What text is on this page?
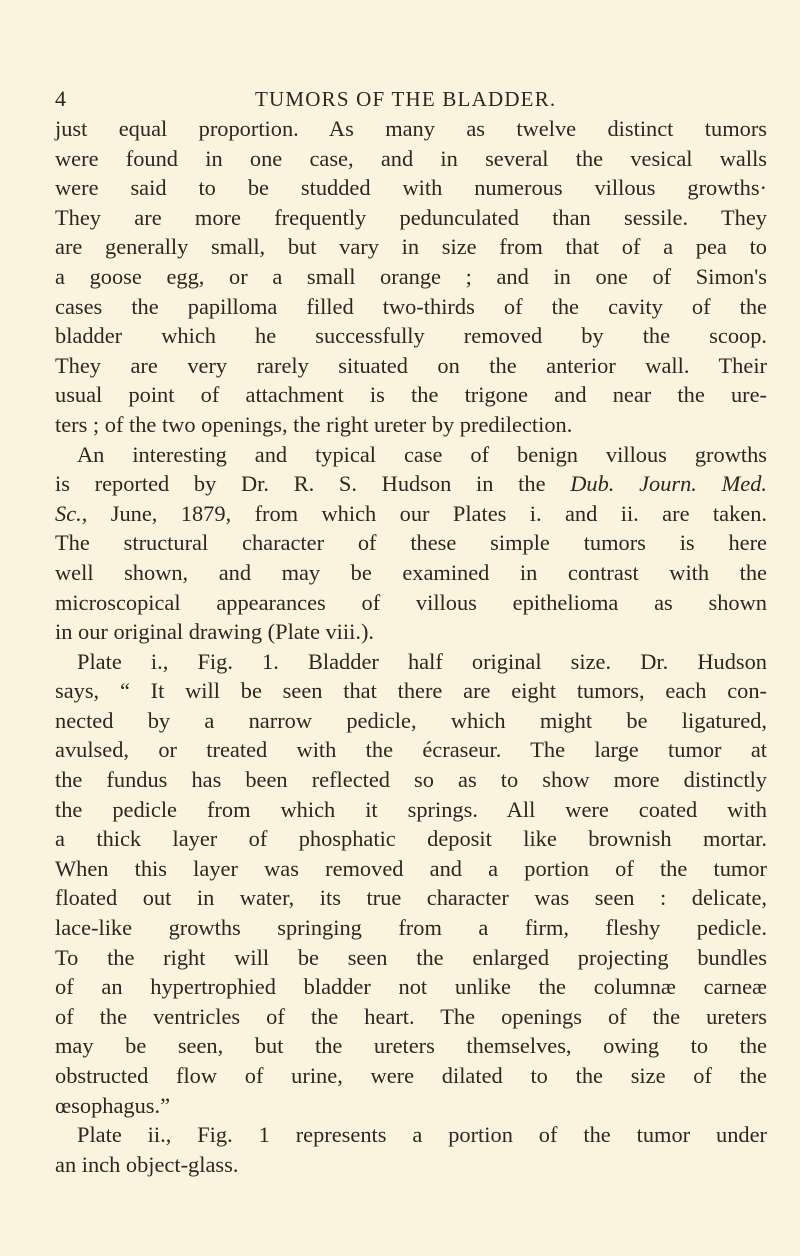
4	TUMORS OF THE BLADDER.
just equal proportion. As many as twelve distinct tumors
were found in one case, and in several the vesical walls
were said to be studded with numerous villous growths·
They are more frequently pedunculated than sessile. They
are generally small, but vary in size from that of a pea to
a goose egg, or a small orange ; and in one of Simon's
cases the papilloma filled two-thirds of the cavity of the
bladder which he successfully removed by the scoop.
They are very rarely situated on the anterior wall. Their
usual point of attachment is the trigone and near the ure-
ters ; of the two openings, the right ureter by predilection.
An interesting and typical case of benign villous growths
is reported by Dr. R. S. Hudson in the Dub. Journ. Med.
Sc., June, 1879, from which our Plates i. and ii. are taken.
The structural character of these simple tumors is here
well shown, and may be examined in contrast with the
microscopical appearances of villous epithelioma as shown
in our original drawing (Plate viii.).
Plate i., Fig. 1. Bladder half original size. Dr. Hudson
says, “ It will be seen that there are eight tumors, each con-
nected by a narrow pedicle, which might be ligatured,
avulsed, or treated with the écraseur. The large tumor at
the fundus has been reflected so as to show more distinctly
the pedicle from which it springs. All were coated with
a thick layer of phosphatic deposit like brownish mortar.
When this layer was removed and a portion of the tumor
floated out in water, its true character was seen : delicate,
lace-like growths springing from a firm, fleshy pedicle.
To the right will be seen the enlarged projecting bundles
of an hypertrophied bladder not unlike the columnæ carneæ
of the ventricles of the heart. The openings of the ureters
may be seen, but the ureters themselves, owing to the
obstructed flow of urine, were dilated to the size of the
œsophagus.”
Plate ii., Fig. 1 represents a portion of the tumor under
an inch object-glass.
